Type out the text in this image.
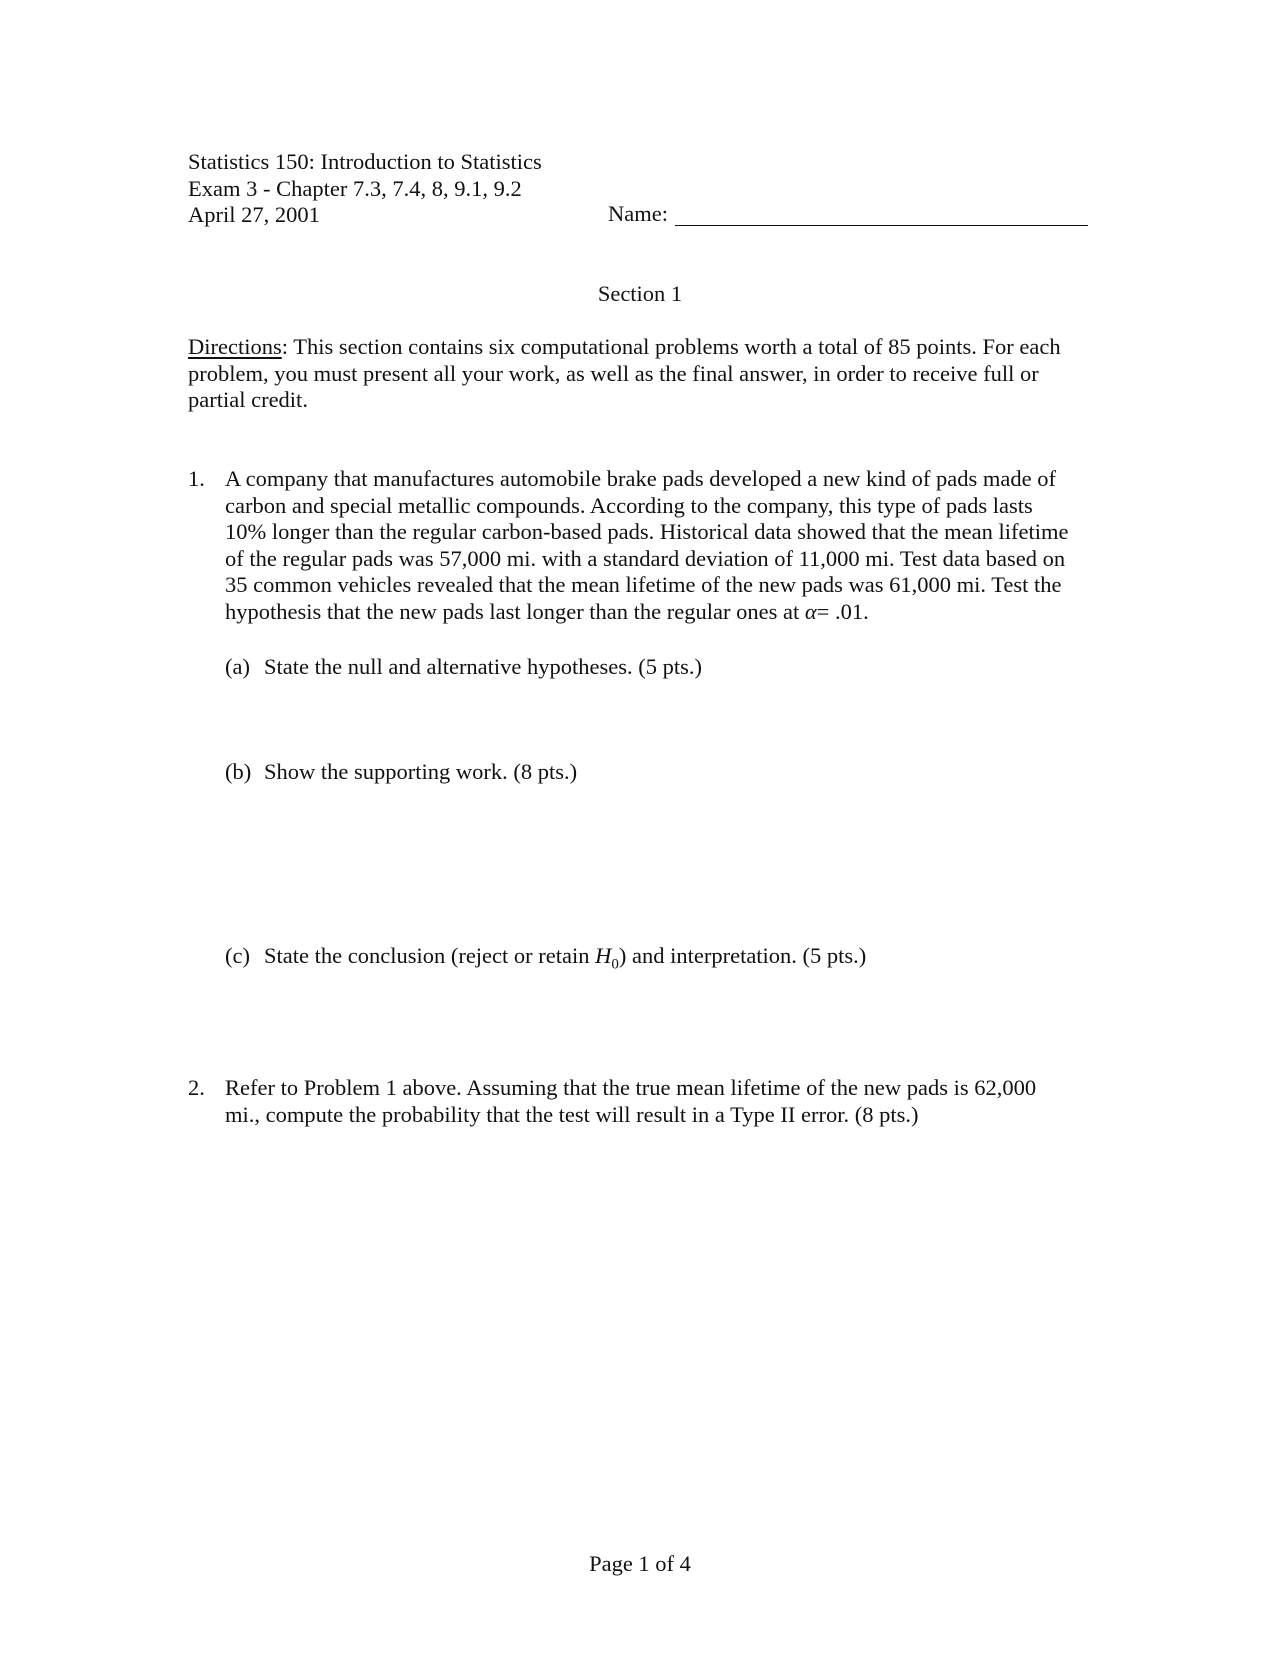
Statistics 150: Introduction to Statistics
Exam 3 - Chapter 7.3, 7.4, 8, 9.1, 9.2
April 27, 2001	Name:
Section 1
Directions: This section contains six computational problems worth a total of 85 points. For each
problem, you must present all your work, as well as the final answer, in order to receive full or
partial credit.
1. A company that manufactures automobile brake pads developed a new kind of pads made of
carbon and special metallic compounds. According to the company, this type of pads lasts
10% longer than the regular carbon-based pads. Historical data showed that the mean lifetime
of the regular pads was 57,000 mi. with a standard deviation of 11,000 mi. Test data based on
35 common vehicles revealed that the mean lifetime of the new pads was 61,000 mi. Test the
hypothesis that the new pads last longer than the regular ones at α= .01.
(a) State the null and alternative hypotheses. (5 pts.)
(b) Show the supporting work. (8 pts.)
(c) State the conclusion (reject or retain $H_0$) and interpretation. (5 pts.)
2. Refer to Problem 1 above. Assuming that the true mean lifetime of the new pads is 62,000
mi., compute the probability that the test will result in a Type II error. (8 pts.)
Page 1 of 4
